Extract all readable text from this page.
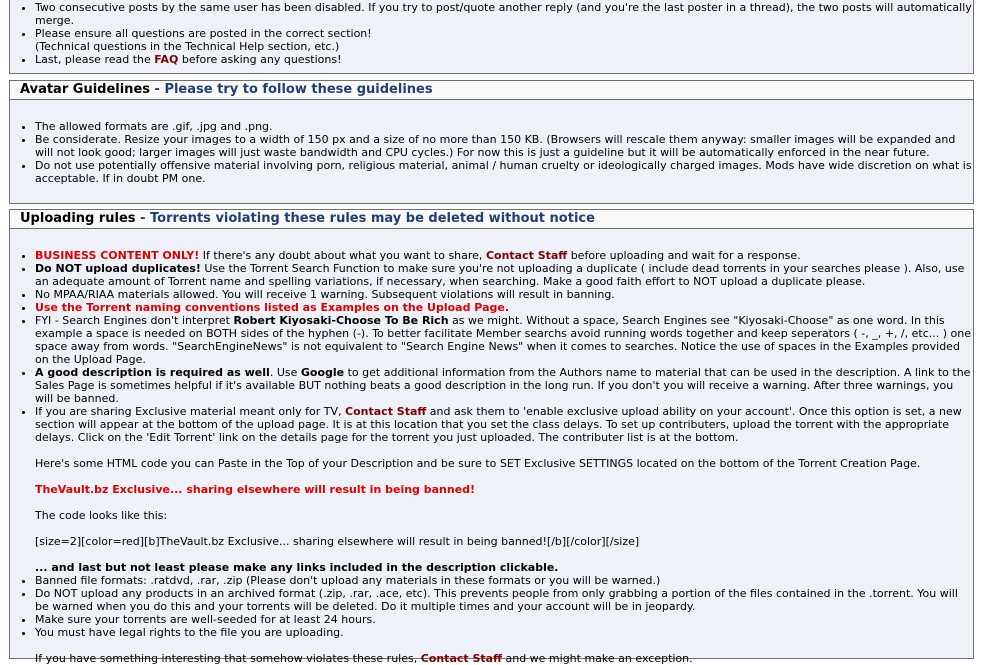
• Two consecutive posts by the same user has been disabled. If you try to post/quote another reply (and you're the last poster in a thread), the two posts will automatically merge.
• Please ensure all questions are posted in the correct section!
(Technical questions in the Technical Help section, etc.)
• Last, please read the FAQ before asking any questions!
Avatar Guidelines - Please try to follow these guidelines
• The allowed formats are .gif, .jpg and .png.
• Be considerate. Resize your images to a width of 150 px and a size of no more than 150 KB. (Browsers will rescale them anyway: smaller images will be expanded and will not look good; larger images will just waste bandwidth and CPU cycles.) For now this is just a guideline but it will be automatically enforced in the near future.
• Do not use potentially offensive material involving porn, religious material, animal / human cruelty or ideologically charged images. Mods have wide discretion on what is acceptable. If in doubt PM one.
Uploading rules - Torrents violating these rules may be deleted without notice
• BUSINESS CONTENT ONLY! If there's any doubt about what you want to share, Contact Staff before uploading and wait for a response.
• Do NOT upload duplicates! Use the Torrent Search Function to make sure you're not uploading a duplicate ( include dead torrents in your searches please ). Also, use an adequate amount of Torrent name and spelling variations, if necessary, when searching. Make a good faith effort to NOT upload a duplicate please.
• No MPAA/RIAA materials allowed. You will receive 1 warning. Subsequent violations will result in banning.
• Use the Torrent naming conventions listed as Examples on the Upload Page.
• FYI - Search Engines don't interpret Robert Kiyosaki-Choose To Be Rich as we might. Without a space, Search Engines see "Kiyosaki-Choose" as one word. In this example a space is needed on BOTH sides of the hyphen (-). To better facilitate Member searchs avoid running words together and keep seperators ( -, _, +, /, etc... ) one space away from words. "SearchEngineNews" is not equivalent to "Search Engine News" when it comes to searches. Notice the use of spaces in the Examples provided on the Upload Page.
• A good description is required as well. Use Google to get additional information from the Authors name to material that can be used in the description. A link to the Sales Page is sometimes helpful if it's available BUT nothing beats a good description in the long run. If you don't you will receive a warning. After three warnings, you will be banned.
• If you are sharing Exclusive material meant only for TV, Contact Staff and ask them to 'enable exclusive upload ability on your account'. Once this option is set, a new section will appear at the bottom of the upload page. It is at this location that you set the class delays. To set up contributers, upload the torrent with the appropriate delays. Click on the 'Edit Torrent' link on the details page for the torrent you just uploaded. The contributer list is at the bottom.
Here's some HTML code you can Paste in the Top of your Description and be sure to SET Exclusive SETTINGS located on the bottom of the Torrent Creation Page.
TheVault.bz Exclusive... sharing elsewhere will result in being banned!
The code looks like this:
[size=2][color=red][b]TheVault.bz Exclusive... sharing elsewhere will result in being banned![/b][/color][/size]
... and last but not least please make any links included in the description clickable.
• Banned file formats: .ratdvd, .rar, .zip (Please don't upload any materials in these formats or you will be warned.)
• Do NOT upload any products in an archived format (.zip, .rar, .ace, etc). This prevents people from only grabbing a portion of the files contained in the .torrent. You will be warned when you do this and your torrents will be deleted. Do it multiple times and your account will be in jeopardy.
• Make sure your torrents are well-seeded for at least 24 hours.
• You must have legal rights to the file you are uploading.
If you have something interesting that somehow violates these rules, Contact Staff and we might make an exception.
